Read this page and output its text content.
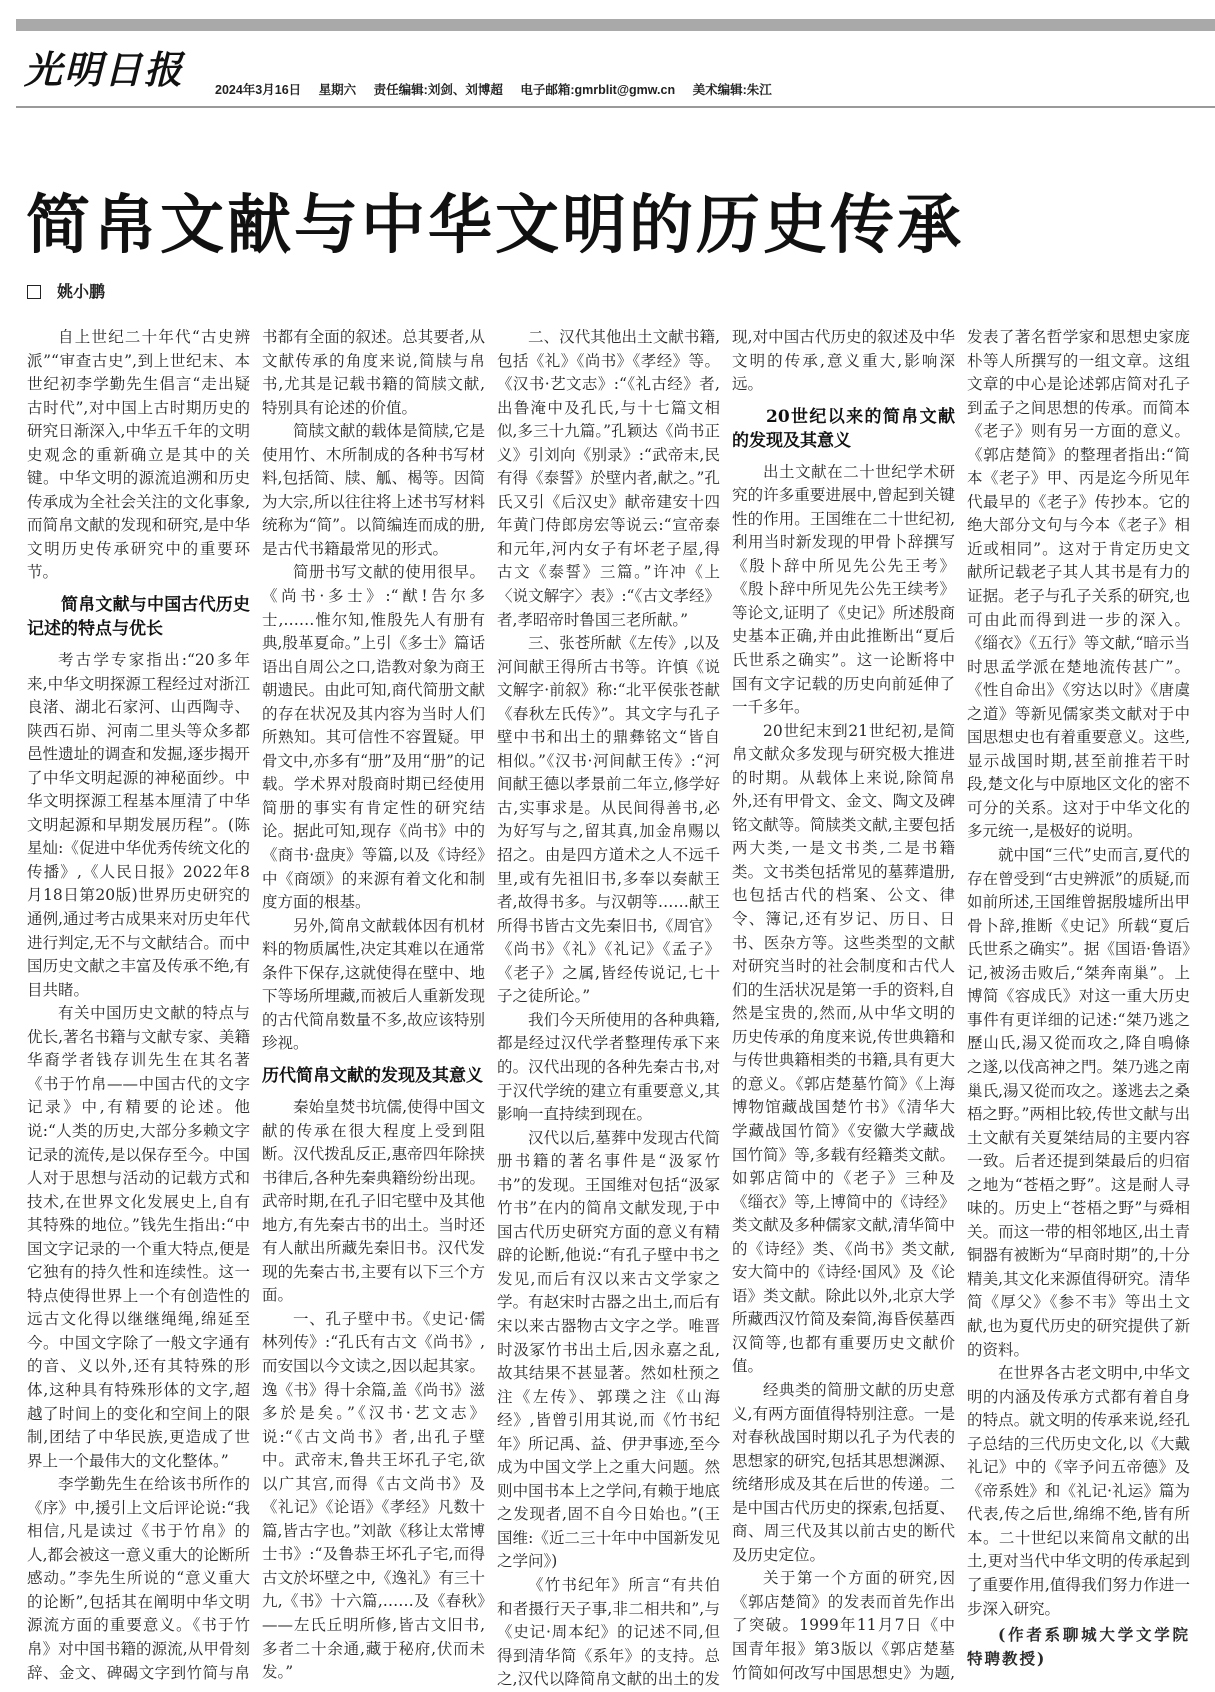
光明日报 2024年3月16日 星期六 责任编辑:刘剑、刘博超 电子邮箱:gmrblit@gmw.cn 美术编辑:朱江
简帛文献与中华文明的历史传承
姚小鹏

自上世纪二十年代“古史辨派”“审查古史”,到上世纪末、本世纪初李学勤先生倡言“走出疑古时代”,对中国上古时期历史的研究日渐深入,中华五千年的文明史观念的重新确立是其中的关键。中华文明的源流追溯和历史传承成为全社会关注的文化事象,而简帛文献的发现和研究,是中华文明历史传承研究中的重要环节。

简帛文献与中国古代历史记述的特点与优长

考古学专家指出:“20多年来,中华文明探源工程经过对浙江良渚、湖北石家河、山西陶寺、陕西石峁、河南二里头等众多都邑性遗址的调查和发掘,逐步揭开了中华文明起源的神秘面纱。中华文明探源工程基本厘清了中华文明起源和早期发展历程”。(陈星灿:《促进中华优秀传统文化的传播》,《人民日报》2022年8月18日第20版)世界历史研究的通例,通过考古成果来对历史年代进行判定,无不与文献结合。而中国历史文献之丰富及传承不绝,有目共睹。

有关中国历史文献的特点与优长,著名书籍与文献专家、美籍华裔学者钱存训先生在其名著《书于竹帛——中国古代的文字记录》中,有精要的论述。他说:“人类的历史,大部分多赖文字记录的流传,是以保存至今。中国人对于思想与活动的记载方式和技术,在世界文化发展史上,自有其特殊的地位。”钱先生指出:“中国文字记录的一个重大特点,便是它独有的持久性和连续性。这一特点使得世界上一个有创造性的远古文化得以继继绳绳,绵延至今。中国文字除了一般文字通有的音、义以外,还有其特殊的形体,这种具有特殊形体的文字,超越了时间上的变化和空间上的限制,团结了中华民族,更造成了世界上一个最伟大的文化整体。”

李学勤先生在给该书所作的《序》中,援引上文后评论说:“我相信,凡是读过《书于竹帛》的人,都会被这一意义重大的论断所感动。”李先生所说的“意义重大的论断”,包括其在阐明中华文明源流方面的重要意义。《书于竹帛》对中国书籍的源流,从甲骨刻辞、金文、碑碣文字到竹简与帛书都有全面的叙述。总其要者,从文献传承的角度来说,简牍与帛书,尤其是记载书籍的简牍文献,特别具有论述的价值。

简牍文献的载体是简牍,它是使用竹、木所制成的各种书写材料,包括简、牍、觚、楬等。因简为大宗,所以往往将上述书写材料统称为“简”。以简编连而成的册,是古代书籍最常见的形式。

简册书写文献的使用很早。《尚书·多士》:“猷!告尔多士,……惟尔知,惟殷先人有册有典,殷革夏命。”上引《多士》篇话语出自周公之口,诰教对象为商王朝遗民。由此可知,商代简册文献的存在状况及其内容为当时人们所熟知。其可信性不容置疑。甲骨文中,亦多有“册”及用“册”的记载。学术界对殷商时期已经使用简册的事实有肯定性的研究结论。据此可知,现存《尚书》中的《商书·盘庚》等篇,以及《诗经》中《商颂》的来源有着文化和制度方面的根基。

另外,简帛文献载体因有机材料的物质属性,决定其难以在通常条件下保存,这就使得在壁中、地下等场所埋藏,而被后人重新发现的古代简帛数量不多,故应该特别珍视。

历代简帛文献的发现及其意义

秦始皇焚书坑儒,使得中国文献的传承在很大程度上受到阻断。汉代拨乱反正,惠帝四年除挟书律后,各种先秦典籍纷纷出现。武帝时期,在孔子旧宅壁中及其他地方,有先秦古书的出土。当时还有人献出所藏先秦旧书。汉代发现的先秦古书,主要有以下三个方面。

一、孔子壁中书。《史记·儒林列传》:“孔氏有古文《尚书》,而安国以今文读之,因以起其家。逸《书》得十余篇,盖《尚书》滋多於是矣。”《汉书·艺文志》说:“《古文尚书》者,出孔子壁中。武帝末,鲁共王坏孔子宅,欲以广其宫,而得《古文尚书》及《礼记》《论语》《孝经》凡数十篇,皆古字也。”刘歆《移让太常博士书》:“及鲁恭王坏孔子宅,而得古文於坏壁之中,《逸礼》有三十九,《书》十六篇,……及《春秋》——左氏丘明所修,皆古文旧书,多者二十余通,藏于秘府,伏而未发。”

二、汉代其他出土文献书籍,包括《礼》《尚书》《孝经》等。《汉书·艺文志》:“《礼古经》者,出鲁淹中及孔氏,与十七篇文相似,多三十九篇。”孔颖达《尚书正义》引刘向《别录》:“武帝末,民有得《泰誓》於壁内者,献之。”孔氏又引《后汉史》献帝建安十四年黄门侍郎房宏等说云:“宣帝泰和元年,河内女子有坏老子屋,得古文《泰誓》三篇。”许冲《上〈说文解字〉表》:“《古文孝经》者,孝昭帝时鲁国三老所献。”

三、张苍所献《左传》,以及河间献王得所古书等。许慎《说文解字·前叙》称:“北平侯张苍献《春秋左氏传》”。其文字与孔子壁中书和出土的鼎彝铭文“皆自相似。”《汉书·河间献王传》:“河间献王德以孝景前二年立,修学好古,实事求是。从民间得善书,必为好写与之,留其真,加金帛赐以招之。由是四方道术之人不远千里,或有先祖旧书,多奉以奏献王者,故得书多。与汉朝等……献王所得书皆古文先秦旧书,《周官》《尚书》《礼》《礼记》《孟子》《老子》之属,皆经传说记,七十子之徒所论。”

我们今天所使用的各种典籍,都是经过汉代学者整理传承下来的。汉代出现的各种先秦古书,对于汉代学统的建立有重要意义,其影响一直持续到现在。

汉代以后,墓葬中发现古代简册书籍的著名事件是“汲冢竹书”的发现。王国维对包括“汲冢竹书”在内的简帛文献发现,于中国古代历史研究方面的意义有精辟的论断,他说:“有孔子壁中书之发见,而后有汉以来古文学家之学。有赵宋时古器之出土,而后有宋以来古器物古文字之学。唯晋时汲冢竹书出土后,因永嘉之乱,故其结果不甚显著。然如杜预之注《左传》、郭璞之注《山海经》,皆曾引用其说,而《竹书纪年》所记禹、益、伊尹事迹,至今成为中国文学上之重大问题。然则中国书本上之学问,有赖于地底之发现者,固不自今日始也。”(王国维:《近二三十年中中国新发见之学问》)

《竹书纪年》所言“有共伯和者摄行天子事,非二相共和”,与《史记·周本纪》的记述不同,但得到清华简《系年》的支持。总之,汉代以降简帛文献的出土的发现,对中国古代历史的叙述及中华文明的传承,意义重大,影响深远。

20世纪以来的简帛文献的发现及其意义

出土文献在二十世纪学术研究的许多重要进展中,曾起到关键性的作用。王国维在二十世纪初,利用当时新发现的甲骨卜辞撰写《殷卜辞中所见先公先王考》《殷卜辞中所见先公先王续考》等论文,证明了《史记》所述殷商史基本正确,并由此推断出“夏后氏世系之确实”。这一论断将中国有文字记载的历史向前延伸了一千多年。

20世纪末到21世纪初,是简帛文献众多发现与研究极大推进的时期。从载体上来说,除简帛外,还有甲骨文、金文、陶文及碑铭文献等。简牍类文献,主要包括两大类,一是文书类,二是书籍类。文书类包括常见的墓葬遣册,也包括古代的档案、公文、律令、簿记,还有岁记、历日、日书、医杂方等。这些类型的文献对研究当时的社会制度和古代人们的生活状况是第一手的资料,自然是宝贵的,然而,从中华文明的历史传承的角度来说,传世典籍和与传世典籍相类的书籍,具有更大的意义。《郭店楚墓竹简》《上海博物馆藏战国楚竹书》《清华大学藏战国竹简》《安徽大学藏战国竹简》等,多载有经籍类文献。如郭店简中的《老子》三种及《缁衣》等,上博简中的《诗经》类文献及多种儒家文献,清华简中的《诗经》类、《尚书》类文献,安大简中的《诗经·国风》及《论语》类文献。除此以外,北京大学所藏西汉竹简及秦简,海昏侯墓西汉简等,也都有重要历史文献价值。

经典类的简册文献的历史意义,有两方面值得特别注意。一是对春秋战国时期以孔子为代表的思想家的研究,包括其思想渊源、统绪形成及其在后世的传递。二是中国古代历史的探索,包括夏、商、周三代及其以前古史的断代及历史定位。

关于第一个方面的研究,因《郭店楚简》的发表而首先作出了突破。1999年11月7日《中国青年报》第3版以《郭店楚墓竹简如何改写中国思想史》为题,发表了著名哲学家和思想史家庞朴等人所撰写的一组文章。这组文章的中心是论述郭店简对孔子到孟子之间思想的传承。而简本《老子》则有另一方面的意义。《郭店楚简》的整理者指出:“简本《老子》甲、丙是迄今所见年代最早的《老子》传抄本。它的绝大部分文句与今本《老子》相近或相同”。这对于肯定历史文献所记载老子其人其书是有力的证据。老子与孔子关系的研究,也可由此而得到进一步的深入。《缁衣》《五行》等文献,“暗示当时思孟学派在楚地流传甚广”。《性自命出》《穷达以时》《唐虞之道》等新见儒家类文献对于中国思想史也有着重要意义。这些,显示战国时期,甚至前推若干时段,楚文化与中原地区文化的密不可分的关系。这对于中华文化的多元统一,是极好的说明。

就中国“三代”史而言,夏代的存在曾受到“古史辨派”的质疑,而如前所述,王国维曾据殷墟所出甲骨卜辞,推断《史记》所载“夏后氏世系之确实”。据《国语·鲁语》记,被汤击败后,“桀奔南巢”。上博简《容成氏》对这一重大历史事件有更详细的记述:“桀乃逃之歷山氏,湯又從而攻之,降自鳴條之遂,以伐高神之門。桀乃逃之南巢氏,湯又從而攻之。遂逃去之桑梧之野。”两相比较,传世文献与出土文献有关夏桀结局的主要内容一致。后者还提到桀最后的归宿之地为“苍梧之野”。这是耐人寻味的。历史上“苍梧之野”与舜相关。而这一带的相邻地区,出土青铜器有被断为“早商时期”的,十分精美,其文化来源值得研究。清华简《厚父》《参不韦》等出土文献,也为夏代历史的研究提供了新的资料。

在世界各古老文明中,中华文明的内涵及传承方式都有着自身的特点。就文明的传承来说,经孔子总结的三代历史文化,以《大戴礼记》中的《宰予问五帝德》及《帝系姓》和《礼记·礼运》篇为代表,传之后世,绵绵不绝,皆有所本。二十世纪以来简帛文献的出土,更对当代中华文明的传承起到了重要作用,值得我们努力作进一步深入研究。

(作者系聊城大学文学院特聘教授)
